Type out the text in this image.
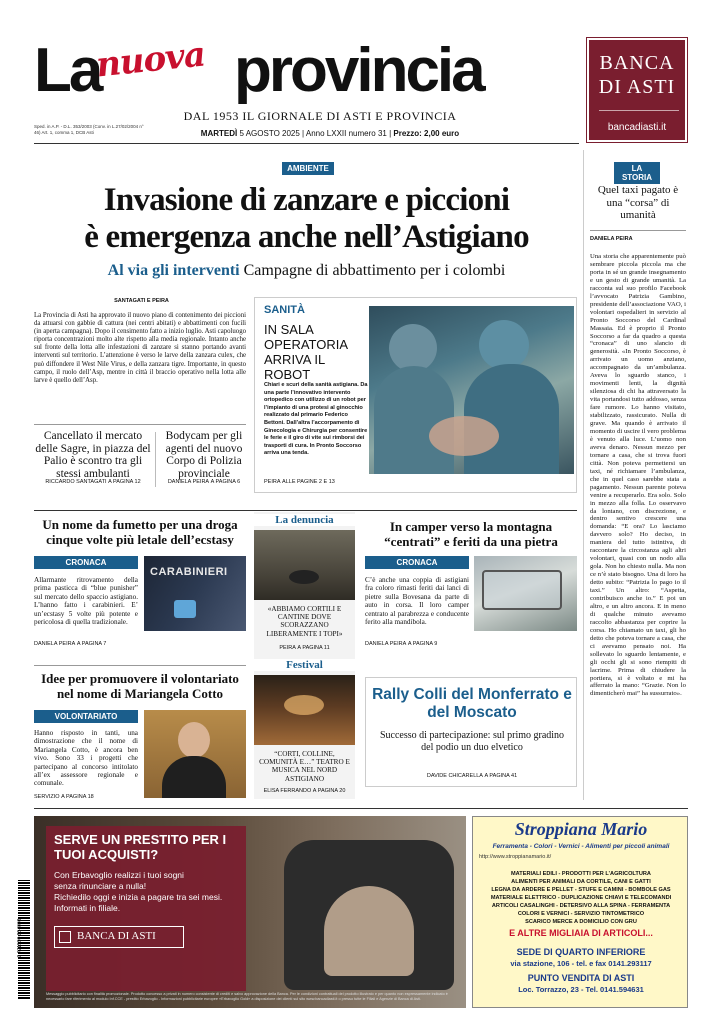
La
nuova provincia
DAL 1953 IL GIORNALE DI ASTI E PROVINCIA
Sped. in A.P. - D.L. 353/2003 (Conv. in L.27/02/2004 n° 46) Art. 1, comma 1, DCB Asti	MARTEDÌ 5 AGOSTO 2025 | Anno LXXII numero 31 | Prezzo: 2,00 euro
BANCA
DI ASTI
bancadiasti.it
AMBIENTE
Invasione di zanzare e piccioni
è emergenza anche nell’Astigiano
Al via gli interventi Campagne di abbattimento per i colombi
SANTAGATI E PEIRA
La Provincia di Asti ha approvato il nuovo piano di contenimento dei piccioni da attuarsi con gabbie di cattura (nei centri abitati) e abbattimenti con fucili (in aperta campagna). Dopo il censimento fatto a inizio luglio. Asti capoluogo riporta concentrazioni molto alte rispetto alla media regionale. Intanto anche sul fronte della lotta alle infestazioni di zanzare si stanno portando avanti interventi sul territorio. L’attenzione è verso le larve della zanzara culex, che può diffondere il West Nile Virus, e della zanzara tigre. Importante, in questo campo, il ruolo dell’Asp, mentre in città il braccio operativo nella lotta alle larve è quello dell’Asp.
Cancellato il mercato delle Sagre, in piazza del Palio è scontro tra gli stessi ambulanti
RICCARDO SANTAGATI A PAGINA 12
Bodycam per gli agenti del nuovo Corpo di Polizia provinciale
DANIELA PEIRA A PAGINA 6
SANITÀ
IN SALA OPERATORIA ARRIVA IL ROBOT
Chiari e scuri della sanità astigiana. Da una parte l’innovativo intervento ortopedico con utilizzo di un robot per l’impianto di una protesi al ginocchio realizzato dal primario Federico Bettoni. Dall’altra l’accorpamento di Ginecologia e Chirurgia per consentire le ferie e il giro di vite sui rimborsi dei trasporti di cura. In Pronto Soccorso arriva una tenda.
PEIRA ALLE PAGINE 2 E 13
LA STORIA
Quel taxi pagato è una “corsa” di umanità
DANIELA PEIRA
Una storia che apparentemente può sembrare piccola piccola ma che porta in sé un grande insegnamento e un gesto di grande umanità. La racconta sul suo profilo Facebook l’avvocato Patrizia Gambino, presidente dell’associazione VAO, i volontari ospedalieri in servizio al Pronto Soccorso del Cardinal Massaia. Ed è proprio il Pronto Soccorso a far da quadro a questa “cronaca” di uno slancio di generosità. «In Pronto Soccorso, è arrivato un uomo anziano, accompagnato da un’ambulanza. Aveva lo sguardo stanco, i movimenti lenti, la dignità silenziosa di chi ha attraversato la vita portandosi tutto addosso, senza fare rumore. Lo hanno visitato, stabilizzato, rassicurato. Nulla di grave. Ma quando è arrivato il momento di uscire il vero problema è venuto alla luce. L’uomo non aveva denaro. Nessun mezzo per tornare a casa, che si trova fuori città. Non poteva permettersi un taxi, né richiamare l’ambulanza, che in quel caso sarebbe stata a pagamento. Nessun parente poteva venire a recuperarlo. Era solo. Solo in mezzo alla folla. Lo osservavo da lontano, con discrezione, e dentro sentivo crescere una domanda: “E ora? Lo lasciamo davvero solo? Ho deciso, in maniera del tutto istintiva, di raccontare la circostanza agli altri volontari, quasi con un nodo alla gola. Non ho chiesto nulla. Ma non ce n’è stato bisogno. Una di loro ha detto subito: “Patrizia lo pago io il taxi.” Un altro: “Aspetta, contribuisco anche io.” E poi un altro, e un altro ancora. E in meno di qualche minuto avevamo raccolto abbastanza per coprire la corsa. Ho chiamato un taxi, gli ho detto che poteva tornare a casa, che ci avevamo pensato noi. Ha sollevato lo sguardo lentamente, e gli occhi gli si sono riempiti di lacrime. Prima di chiudere la portiera, si è voltato e mi ha afferrato la mano: “Grazie. Non lo dimenticherò mai” ha sussurrato».
Un nome da fumetto per una droga cinque volte più letale dell’ecstasy
CRONACA
Allarmante ritrovamento della prima pasticca di “blue punisher” sul mercato dello spaccio astigiano. L’hanno fatto i carabinieri. E’ un’ecstasy 5 volte più potente e pericolosa di quella tradizionale.
CARABINIERI
DANIELA PEIRA A PAGINA 7
La denuncia
«ABBIAMO CORTILI E CANTINE DOVE SCORAZZANO LIBERAMENTE I TOPI»
PEIRA A PAGINA 11
In camper verso la montagna “centrati” e feriti da una pietra
CRONACA
C’è anche una coppia di astigiani fra coloro rimasti feriti dai lanci di pietre sulla Bovesana da parte di auto in corsa. Il loro camper centrato al parabrezza e conducente ferito alla mandibola.
DANIELA PEIRA A PAGINA 9
Idee per promuovere il volontariato nel nome di Mariangela Cotto
VOLONTARIATO
Hanno risposto in tanti, una dimostrazione che il nome di Mariangela Cotto, è ancora ben vivo. Sono 33 i progetti che partecipano al concorso intitolato all’ex assessore regionale e comunale.
SERVIZIO A PAGINA 18
Festival
“CORTI, COLLINE, COMUNITÀ E…” TEATRO E MUSICA NEL NORD ASTIGIANO
ELISA FERRANDO A PAGINA 20
Rally Colli del Monferrato e del Moscato
Successo di partecipazione: sul primo gradino del podio un duo elvetico
DAVIDE CHICARELLA A PAGINA 41
9 771590 954008
SERVE UN PRESTITO PER I TUOI ACQUISTI?
Con Erbavoglio realizzi i tuoi sogni
senza rinunciare a nulla!
Richiedilo oggi e inizia a pagare tra sei mesi.
Informati in filiale.
BANCA DI ASTI
Messaggio pubblicitario con finalità promozionale. Prodotto concesso a privati in numero consistente di crediti e salvo approvazione della Banca. Per le condizioni contrattuali del prodotto illustrato e per quanto non espressamente indicato è necessario fare riferimento al modulo Inf.CCE - prestito Erbavoglio - Informazioni pubblicitarie europee «Erbavoglio Gold» a disposizione dei clienti sul sito www.bancadiasti.it o presso tutte le Filiali e Agenzie di Banca di Asti.
Stroppiana Mario
Ferramenta - Colori - Vernici - Alimenti per piccoli animali
http://www.stroppianamario.it/
MATERIALI EDILI - PRODOTTI PER L’AGRICOLTURA
ALIMENTI PER ANIMALI DA CORTILE, CANI E GATTI
LEGNA DA ARDERE E PELLET - STUFE E CAMINI - BOMBOLE GAS
MATERIALE ELETTRICO - DUPLICAZIONE CHIAVI E TELECOMANDI
ARTICOLI CASALINGHI - DETERSIVO ALLA SPINA - FERRAMENTA
COLORI E VERNICI - SERVIZIO TINTOMETRICO
SCARICO MERCE A DOMICILIO CON GRU
E ALTRE MIGLIAIA DI ARTICOLI...
SEDE DI QUARTO INFERIORE
via stazione, 106 - tel. e fax 0141.293117
PUNTO VENDITA DI ASTI
Loc. Torrazzo, 23 - Tel. 0141.594631
